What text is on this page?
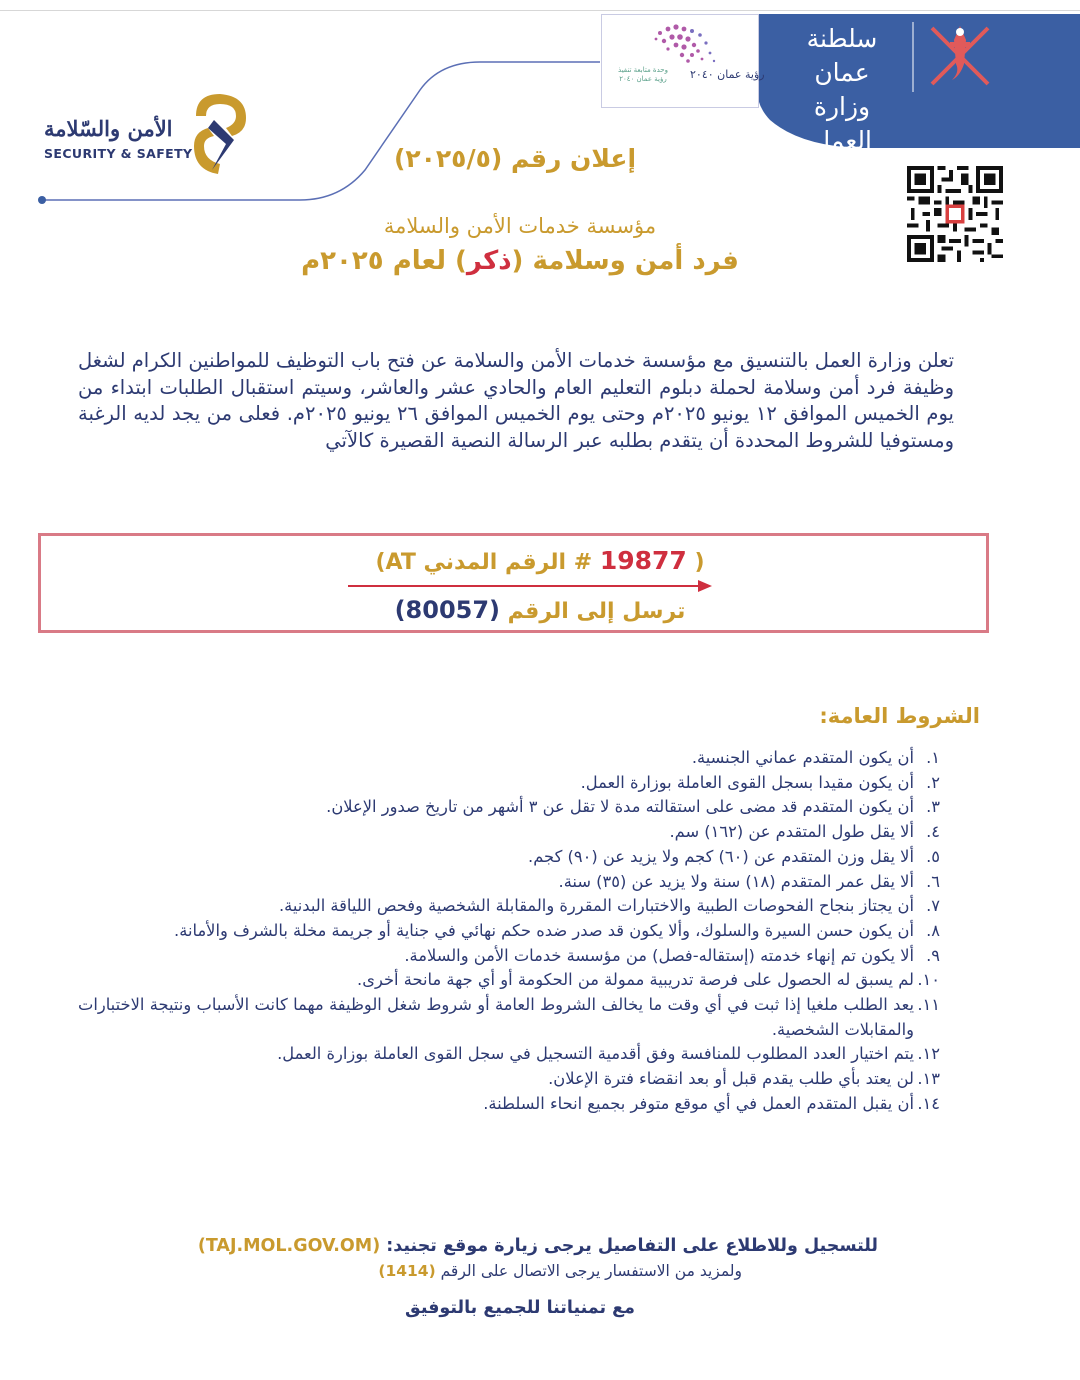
سلطنة عمان
وزارة العمل
رؤية عمان ٢٠٤٠
وحدة متابعة تنفيذ رؤية عمان ٢٠٤٠
الأمن والسّلامة
SECURITY & SAFETY	إعلان رقم (٢٠٢٥/٥)
مؤسسة خدمات الأمن والسلامة
فرد أمن وسلامة (ذكر) لعام ٢٠٢٥م
تعلن وزارة العمل بالتنسيق مع مؤسسة خدمات الأمن والسلامة عن فتح باب التوظيف للمواطنين الكرام لشغل وظيفة فرد أمن وسلامة لحملة دبلوم التعليم العام والحادي عشر والعاشر، وسيتم استقبال الطلبات ابتداء من يوم الخميس الموافق ١٢ يونيو ٢٠٢٥م وحتى يوم الخميس الموافق ٢٦ يونيو ٢٠٢٥م. فعلى من يجد لديه الرغبة ومستوفيا للشروط المحددة أن يتقدم بطلبه عبر الرسالة النصية القصيرة كالآتي
( 19877 # الرقم المدني AT)
ترسل إلى الرقم (80057)
الشروط العامة:
١.
أن يكون المتقدم عماني الجنسية.
٢.
أن يكون مقيدا بسجل القوى العاملة بوزارة العمل.
٣.
أن يكون المتقدم قد مضى على استقالته مدة لا تقل عن ٣ أشهر من تاريخ صدور الإعلان.
٤.
ألا يقل طول المتقدم عن (١٦٢) سم.
٥.
ألا يقل وزن المتقدم عن (٦٠) كجم ولا يزيد عن (٩٠) كجم.
٦.
ألا يقل عمر المتقدم (١٨) سنة ولا يزيد عن (٣٥) سنة.
٧.
أن يجتاز بنجاح الفحوصات الطبية والاختبارات المقررة والمقابلة الشخصية وفحص اللياقة البدنية.
٨.
أن يكون حسن السيرة والسلوك، وألا يكون قد صدر ضده حكم نهائي في جناية أو جريمة مخلة بالشرف والأمانة.
٩.
ألا يكون تم إنهاء خدمته (إستقاله-فصل) من مؤسسة خدمات الأمن والسلامة.
١٠.
لم يسبق له الحصول على فرصة تدريبية ممولة من الحكومة أو أي جهة مانحة أخرى.
١١.
يعد الطلب ملغيا إذا ثبت في أي وقت ما يخالف الشروط العامة أو شروط شغل الوظيفة مهما كانت الأسباب ونتيجة الاختبارات والمقابلات الشخصية.
١٢.
يتم اختيار العدد المطلوب للمنافسة وفق أقدمية التسجيل في سجل القوى العاملة بوزارة العمل.
١٣.
لن يعتد بأي طلب يقدم قبل أو بعد انقضاء فترة الإعلان.
١٤.
أن يقبل المتقدم العمل في أي موقع متوفر بجميع انحاء السلطنة.
للتسجيل وللاطلاع على التفاصيل يرجى زيارة موقع تجنيد: (TAJ.MOL.GOV.OM)
ولمزيد من الاستفسار يرجى الاتصال على الرقم (1414)
مع تمنياتنا للجميع بالتوفيق
